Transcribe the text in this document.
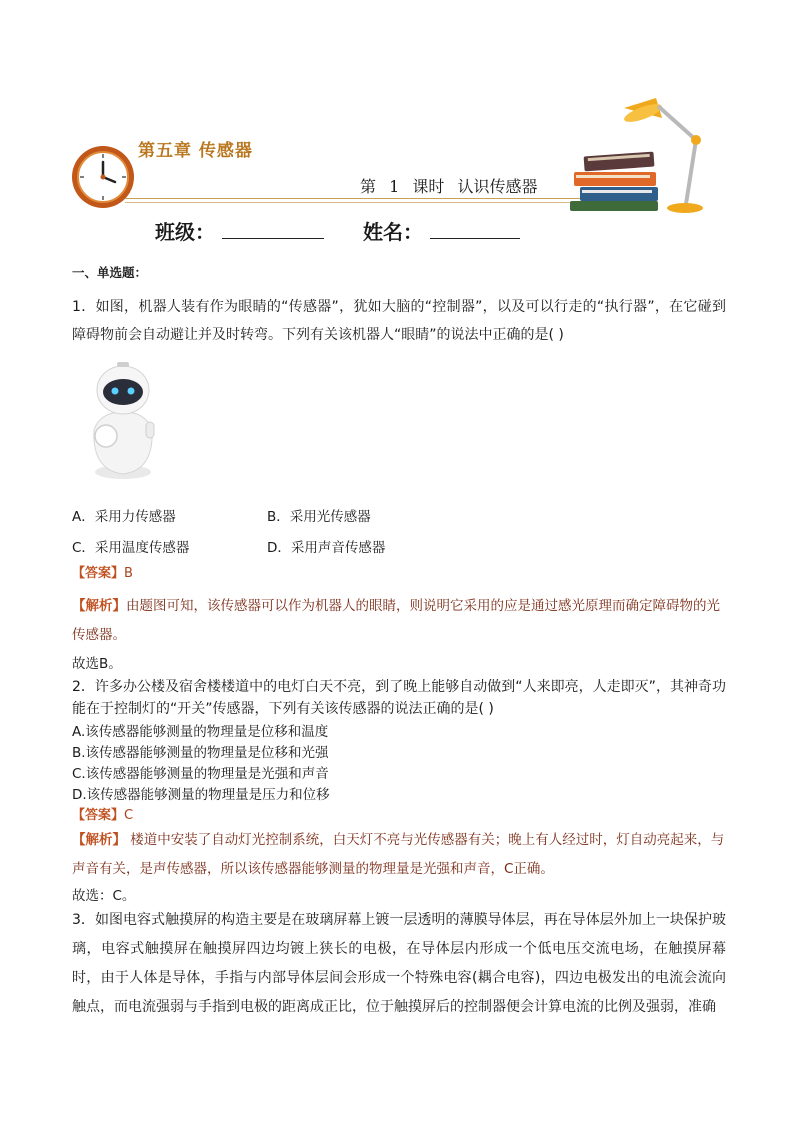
第五章 传感器
第 1 课时 认识传感器
班级：	姓名：
一、单选题：
1．如图，机器人装有作为眼睛的“传感器”，犹如大脑的“控制器”，以及可以行走的“执行器”，在它碰到障碍物前会自动避让并及时转弯。下列有关该机器人“眼睛”的说法中正确的是( )
A．采用力传感器	B．采用光传感器
C．采用温度传感器	D．采用声音传感器
【答案】B
【解析】由题图可知，该传感器可以作为机器人的眼睛，则说明它采用的应是通过感光原理而确定障碍物的光传感器。
故选B。
2．许多办公楼及宿舍楼楼道中的电灯白天不亮，到了晚上能够自动做到“人来即亮，人走即灭”，其神奇功能在于控制灯的“开关”传感器，下列有关该传感器的说法正确的是( )
A.该传感器能够测量的物理量是位移和温度
B.该传感器能够测量的物理量是位移和光强
C.该传感器能够测量的物理量是光强和声音
D.该传感器能够测量的物理量是压力和位移
【答案】C
【解析】 楼道中安装了自动灯光控制系统，白天灯不亮与光传感器有关；晚上有人经过时，灯自动亮起来，与声音有关，是声传感器，所以该传感器能够测量的物理量是光强和声音，C正确。
故选：C。
3．如图电容式触摸屏的构造主要是在玻璃屏幕上镀一层透明的薄膜导体层，再在导体层外加上一块保护玻璃，电容式触摸屏在触摸屏四边均镀上狭长的电极，在导体层内形成一个低电压交流电场，在触摸屏幕时，由于人体是导体，手指与内部导体层间会形成一个特殊电容(耦合电容)，四边电极发出的电流会流向触点，而电流强弱与手指到电极的距离成正比，位于触摸屏后的控制器便会计算电流的比例及强弱，准确
